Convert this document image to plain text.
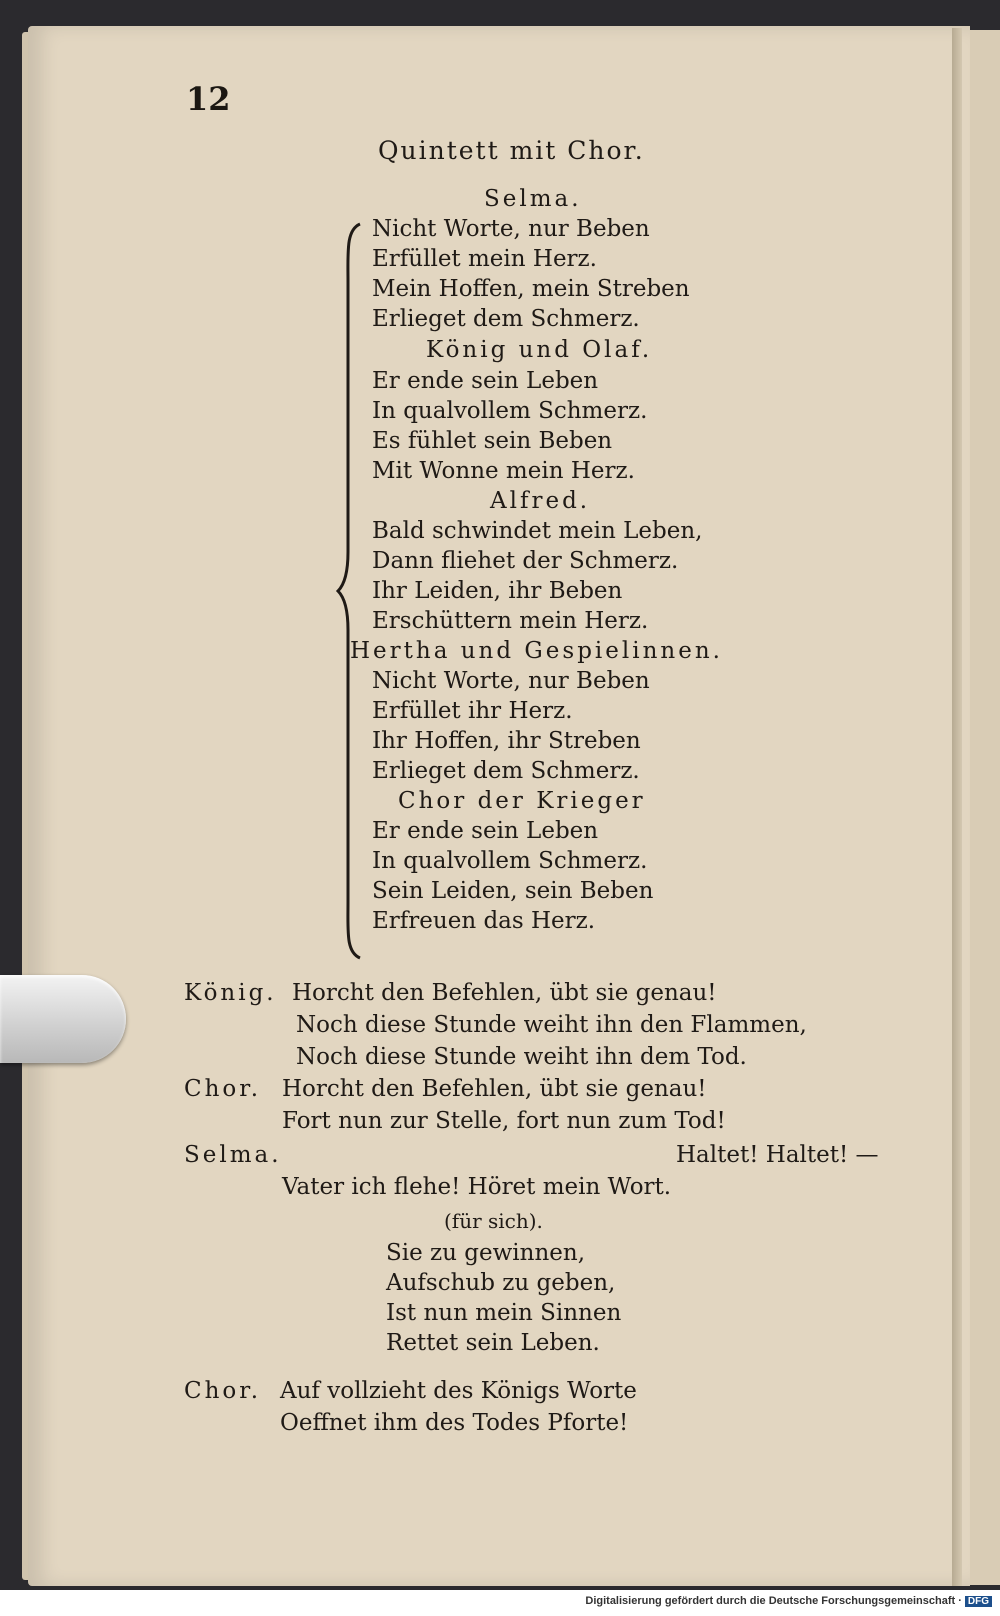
12
Quintett mit Chor.
Selma.
Nicht Worte, nur Beben
Erfüllet mein Herz.
Mein Hoffen, mein Streben
Erlieget dem Schmerz.
König und Olaf.
Er ende sein Leben
In qualvollem Schmerz.
Es fühlet sein Beben
Mit Wonne mein Herz.
Alfred.
Bald schwindet mein Leben,
Dann fliehet der Schmerz.
Ihr Leiden, ihr Beben
Erschüttern mein Herz.
Hertha und Gespielinnen.
Nicht Worte, nur Beben
Erfüllet ihr Herz.
Ihr Hoffen, ihr Streben
Erlieget dem Schmerz.
Chor der Krieger
Er ende sein Leben
In qualvollem Schmerz.
Sein Leiden, sein Beben
Erfreuen das Herz.
König. Horcht den Befehlen, übt sie genau!
Noch diese Stunde weiht ihn den Flammen,
Noch diese Stunde weiht ihn dem Tod.
Chor. Horcht den Befehlen, übt sie genau!
Fort nun zur Stelle, fort nun zum Tod!
Selma.	Haltet! Haltet! —
Vater ich flehe! Höret mein Wort.
(für sich).
Sie zu gewinnen,
Aufschub zu geben,
Ist nun mein Sinnen
Rettet sein Leben.
Chor. Auf vollzieht des Königs Worte
Oeffnet ihm des Todes Pforte!
Digitalisierung gefördert durch die Deutsche Forschungsgemeinschaft · DFG
